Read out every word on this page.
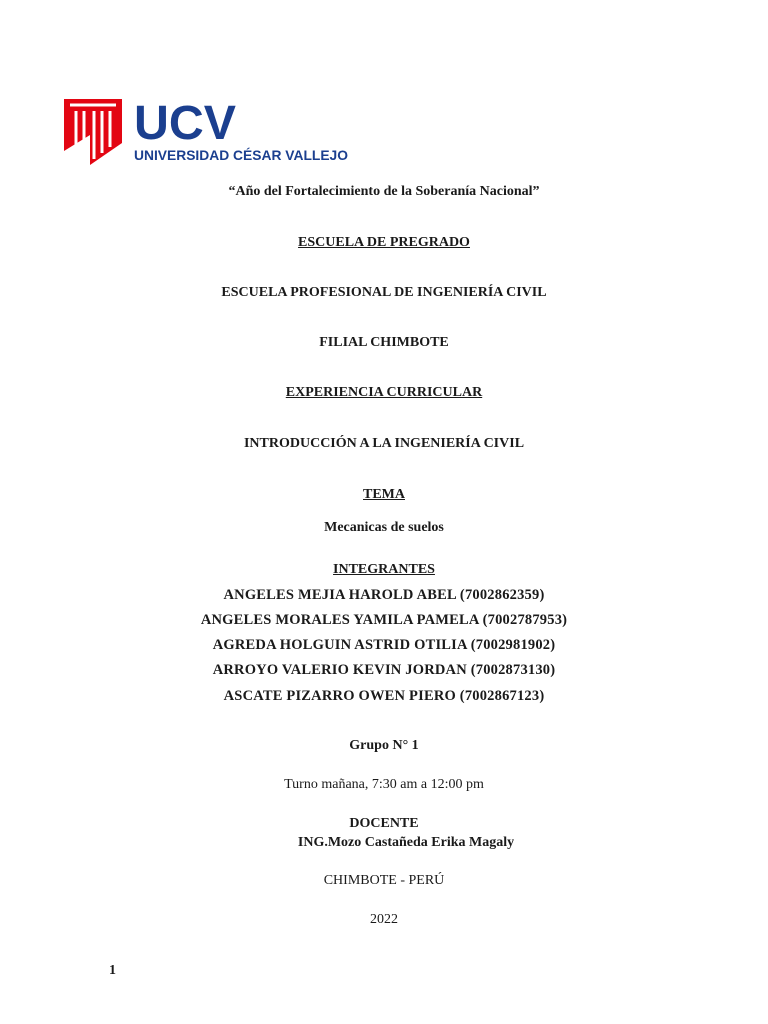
UCV
UNIVERSIDAD CÉSAR VALLEJO
“Año del Fortalecimiento de la Soberanía Nacional”
ESCUELA DE PREGRADO
ESCUELA PROFESIONAL DE INGENIERÍA CIVIL
FILIAL CHIMBOTE
EXPERIENCIA CURRICULAR
INTRODUCCIÓN A LA INGENIERÍA CIVIL
TEMA
Mecanicas de suelos
INTEGRANTES
ANGELES MEJIA HAROLD ABEL (7002862359)
ANGELES MORALES YAMILA PAMELA (7002787953)
AGREDA HOLGUIN ASTRID OTILIA (7002981902)
ARROYO VALERIO KEVIN JORDAN (7002873130)
ASCATE PIZARRO OWEN PIERO (7002867123)
Grupo N° 1
Turno mañana, 7:30 am a 12:00 pm
DOCENTE
ING.Mozo Castañeda Erika Magaly
CHIMBOTE - PERÚ
2022
1
